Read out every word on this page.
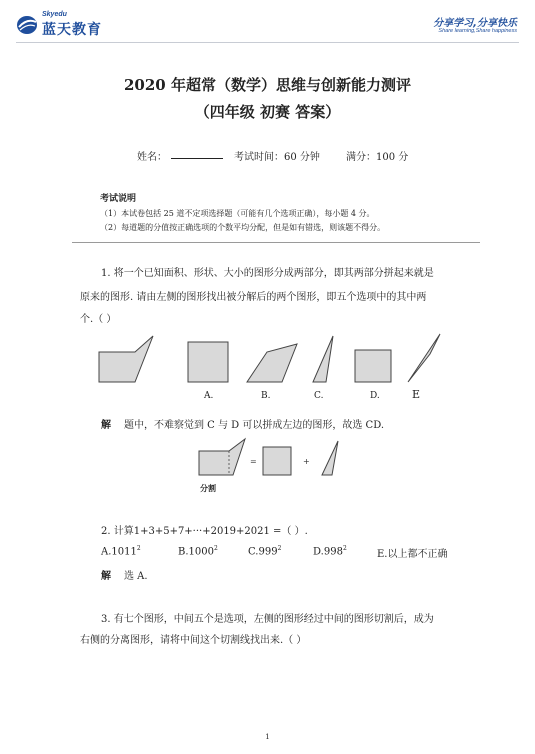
Skyedu
蓝天教育	分享学习,分享快乐
Share learning,Share happiness
2020 年超常（数学）思维与创新能力测评
（四年级 初赛 答案）
姓名：	考试时间：60 分钟	满分：100 分
考试说明
（1）本试卷包括 25 道不定项选择题（可能有几个选项正确），每小题 4 分。
（2）每道题的分值按正确选项的个数平均分配，但是如有错选，则该题不得分。
1. 将一个已知面积、形状、大小的图形分成两部分，即其两部分拼起来就是
原来的图形. 请由左侧的图形找出被分解后的两个图形，即五个选项中的其中两
个.（ ）
A.	B.	C.	D.	E
解 题中，不难察觉到 C 与 D 可以拼成左边的图形，故选 CD.
=	+
分割
2. 计算1+3+5+7+···+2019+2021 =（ ）.
A.1011$^2$	B.1000$^2$	C.999$^2$	D.998$^2$
E.以上都不正确
解 选 A.
3. 有七个图形，中间五个是选项，左侧的图形经过中间的图形切割后，成为
右侧的分离图形，请将中间这个切割线找出来.（ ）
1
